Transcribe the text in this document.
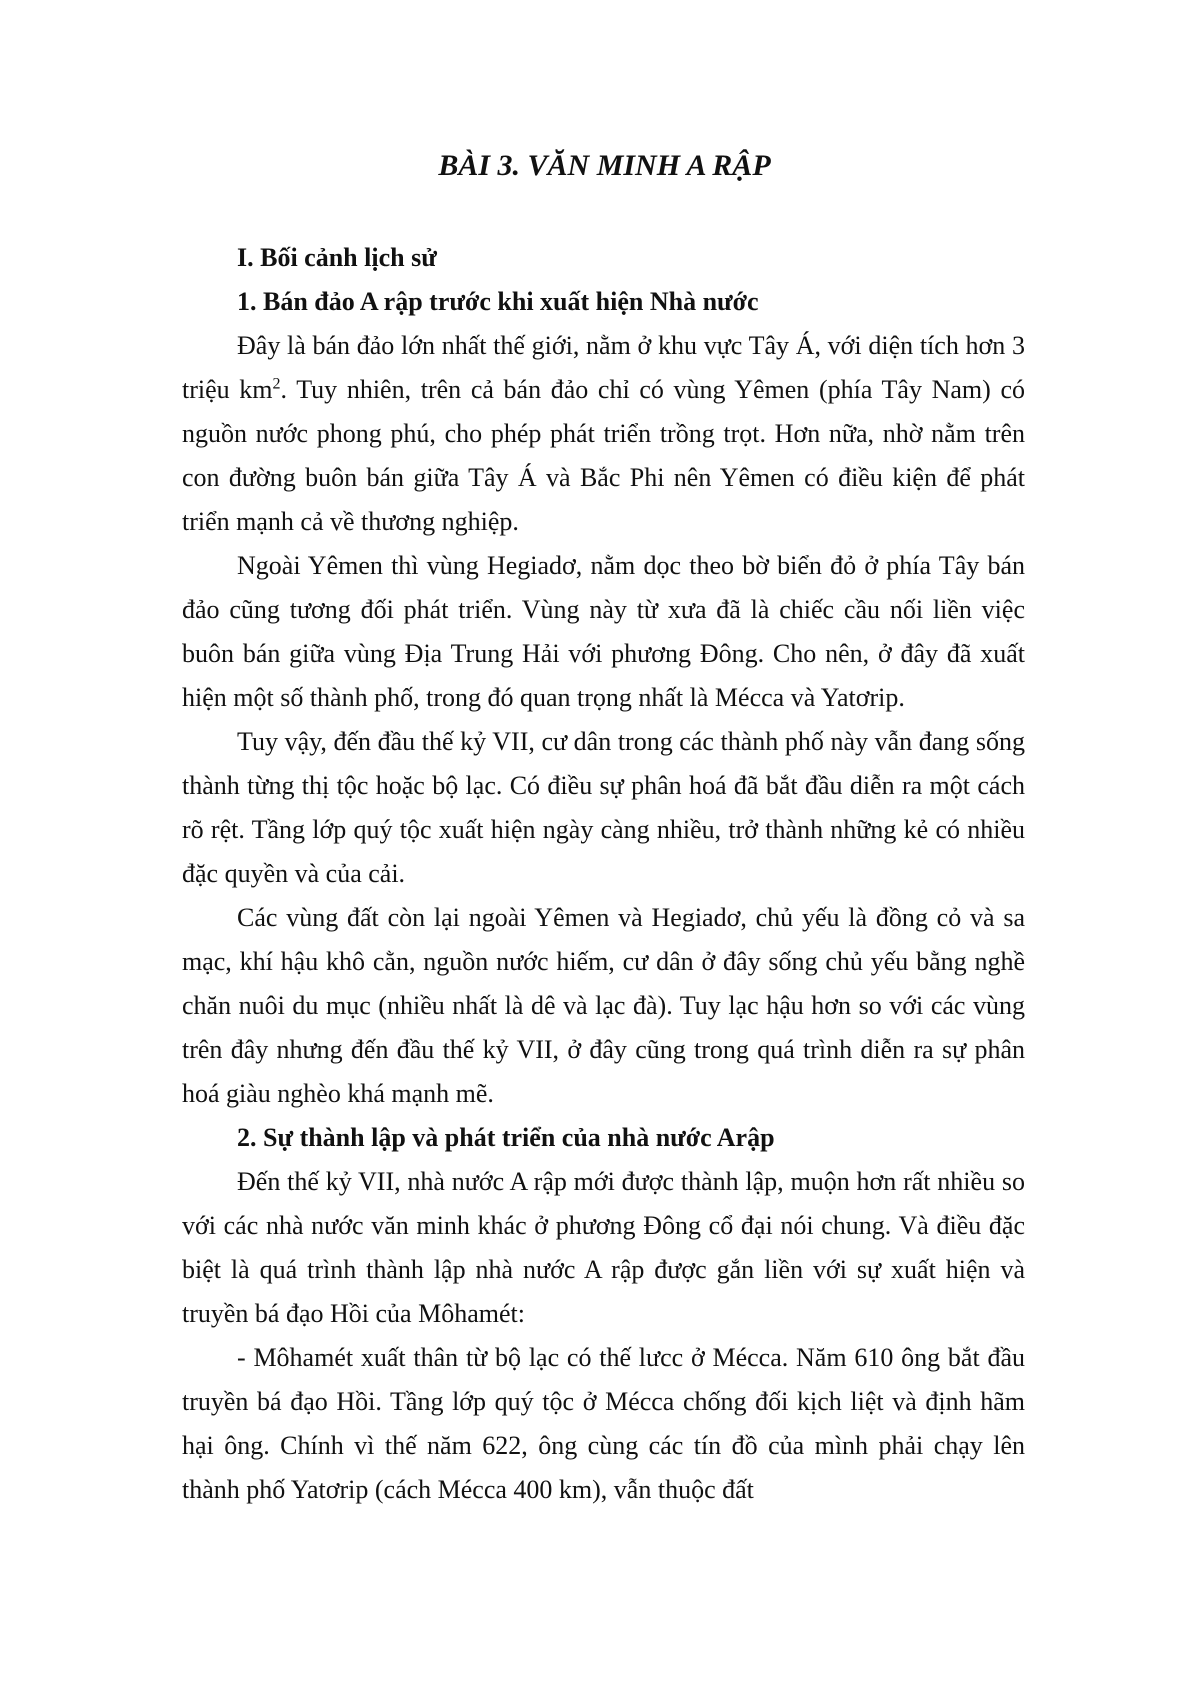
BÀI 3. VĂN MINH A RẬP

I. Bối cảnh lịch sử

1. Bán đảo A rập trước khi xuất hiện Nhà nước

Đây là bán đảo lớn nhất thế giới, nằm ở khu vực Tây Á, với diện tích hơn 3 triệu $km^2$. Tuy nhiên, trên cả bán đảo chỉ có vùng Yêmen (phía Tây Nam) có nguồn nước phong phú, cho phép phát triển trồng trọt. Hơn nữa, nhờ nằm trên con đường buôn bán giữa Tây Á và Bắc Phi nên Yêmen có điều kiện để phát triển mạnh cả về thương nghiệp.

Ngoài Yêmen thì vùng Hegiadơ, nằm dọc theo bờ biển đỏ ở phía Tây bán đảo cũng tương đối phát triển. Vùng này từ xưa đã là chiếc cầu nối liền việc buôn bán giữa vùng Địa Trung Hải với phương Đông. Cho nên, ở đây đã xuất hiện một số thành phố, trong đó quan trọng nhất là Mécca và Yatơrip.

Tuy vậy, đến đầu thế kỷ VII, cư dân trong các thành phố này vẫn đang sống thành từng thị tộc hoặc bộ lạc. Có điều sự phân hoá đã bắt đầu diễn ra một cách rõ rệt. Tầng lớp quý tộc xuất hiện ngày càng nhiều, trở thành những kẻ có nhiều đặc quyền và của cải.

Các vùng đất còn lại ngoài Yêmen và Hegiadơ, chủ yếu là đồng cỏ và sa mạc, khí hậu khô cằn, nguồn nước hiếm, cư dân ở đây sống chủ yếu bằng nghề chăn nuôi du mục (nhiều nhất là dê và lạc đà). Tuy lạc hậu hơn so với các vùng trên đây nhưng đến đầu thế kỷ VII, ở đây cũng trong quá trình diễn ra sự phân hoá giàu nghèo khá mạnh mẽ.

2. Sự thành lập và phát triển của nhà nước Arập

Đến thế kỷ VII, nhà nước A rập mới được thành lập, muộn hơn rất nhiều so với các nhà nước văn minh khác ở phương Đông cổ đại nói chung. Và điều đặc biệt là quá trình thành lập nhà nước A rập được gắn liền với sự xuất hiện và truyền bá đạo Hồi của Môhamét:

- Môhamét xuất thân từ bộ lạc có thế lưcc ở Mécca. Năm 610 ông bắt đầu truyền bá đạo Hồi. Tầng lớp quý tộc ở Mécca chống đối kịch liệt và định hãm hại ông. Chính vì thế năm 622, ông cùng các tín đồ của mình phải chạy lên thành phố Yatơrip (cách Mécca 400 km), vẫn thuộc đất
